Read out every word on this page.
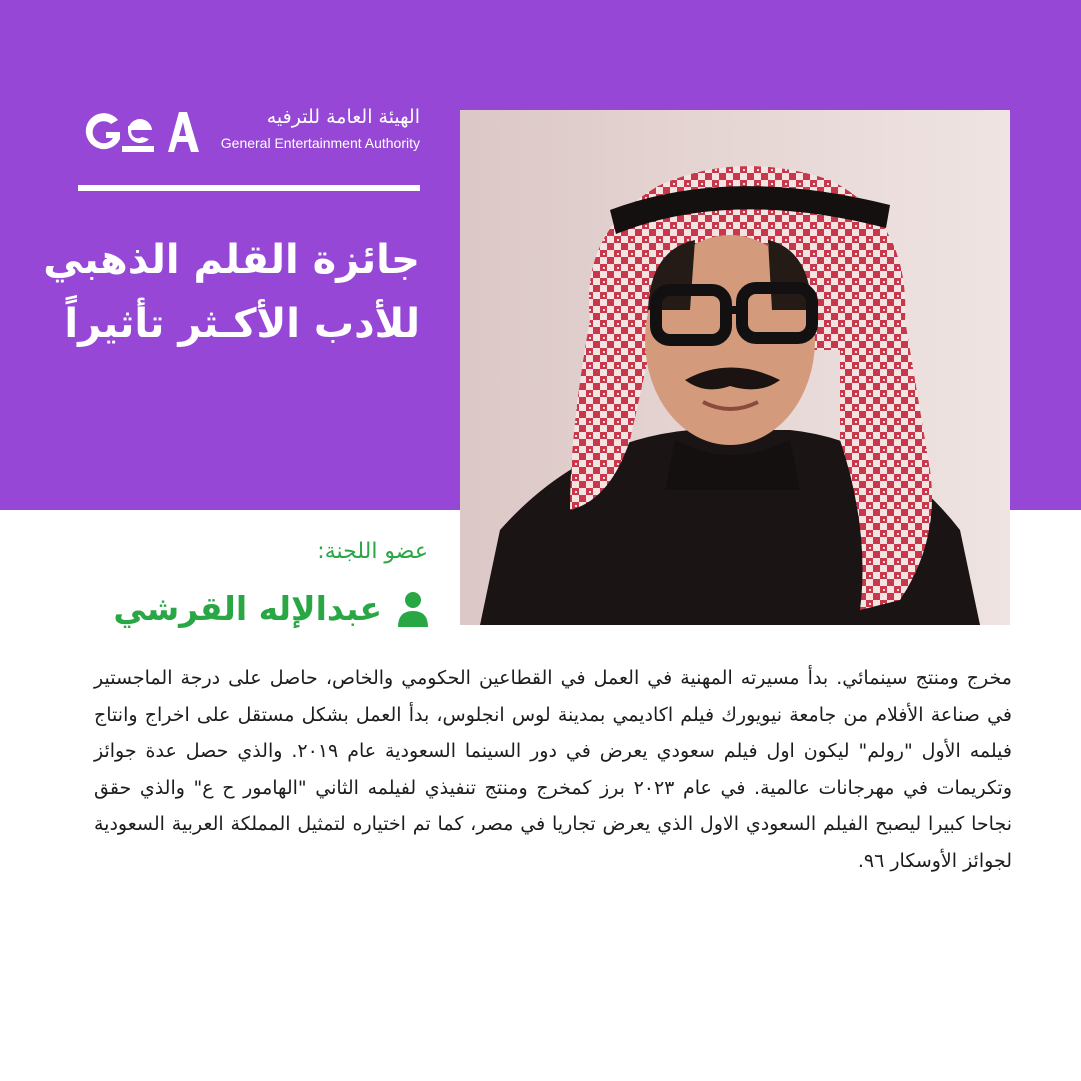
الهيئة العامة للترفيه
General Entertainment Authority
جائزة القلم الذهبي
للأدب الأكـثر تأثيراً
عضو اللجنة:
عبدالإله القرشي
مخرج ومنتج سينمائي. بدأ مسيرته المهنية في العمل في القطاعين الحكومي والخاص، حاصل على درجة الماجستير في صناعة الأفلام من جامعة نيويورك فيلم اكاديمي بمدينة لوس انجلوس، بدأ العمل بشكل مستقل على اخراج وانتاج فيلمه الأول "رولم" ليكون اول فيلم سعودي يعرض في دور السينما السعودية عام ٢٠١٩. والذي حصل عدة جوائز وتكريمات في مهرجانات عالمية. في عام ٢٠٢٣ برز كمخرج ومنتج تنفيذي لفيلمه الثاني "الهامور ح ع" والذي حقق نجاحا كبيرا ليصبح الفيلم السعودي الاول الذي يعرض تجاريا في مصر، كما تم اختياره لتمثيل المملكة العربية السعودية لجوائز الأوسكار ٩٦.
